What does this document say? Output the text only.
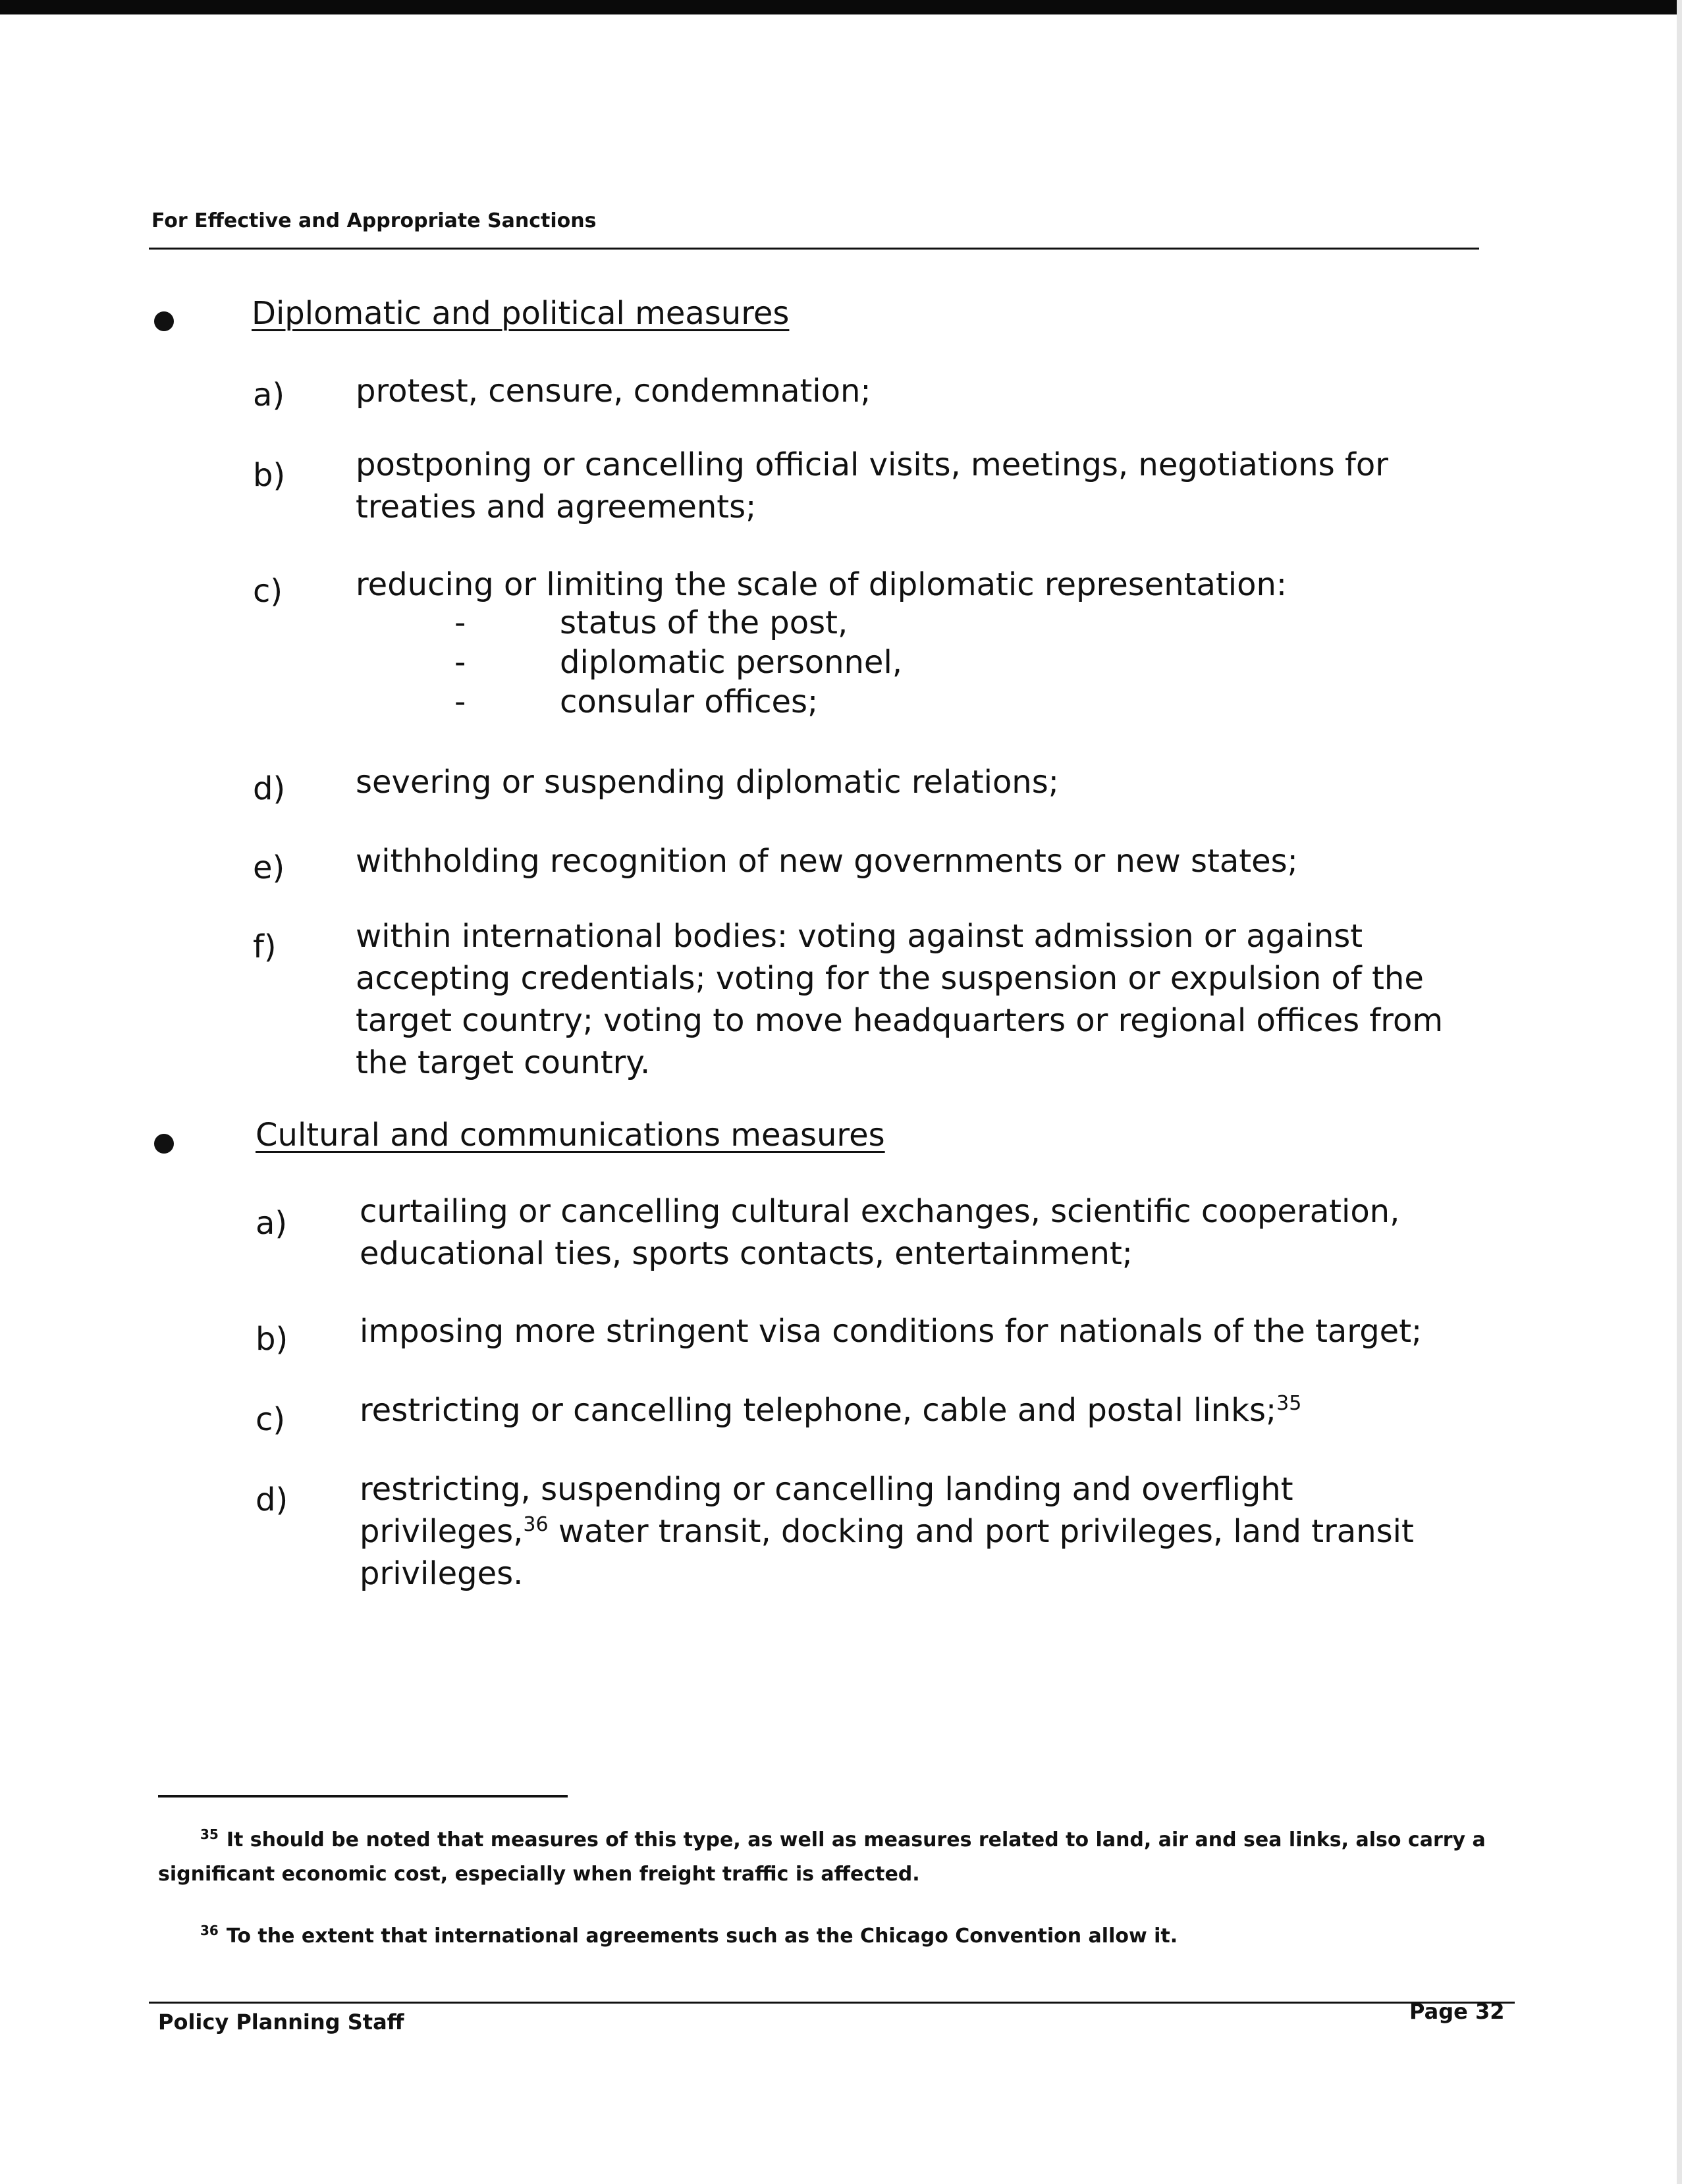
For Effective and Appropriate Sanctions
Diplomatic and political measures
a) protest, censure, condemnation;
b) postponing or cancelling official visits, meetings, negotiations for treaties and agreements;
c) reducing or limiting the scale of diplomatic representation:
-	status of the post,
-	diplomatic personnel,
-	consular offices;
d) severing or suspending diplomatic relations;
e) withholding recognition of new governments or new states;
f)	within international bodies: voting against admission or against accepting credentials; voting for the suspension or expulsion of the target country; voting to move headquarters or regional offices from the target country.
Cultural and communications measures
a) curtailing or cancelling cultural exchanges, scientific cooperation, educational ties, sports contacts, entertainment;
b) imposing more stringent visa conditions for nationals of the target;
c) restricting or cancelling telephone, cable and postal links;$^{35}$
d) restricting, suspending or cancelling landing and overflight privileges,$^{36}$ water transit, docking and port privileges, land transit privileges.
$^{35}$ It should be noted that measures of this type, as well as measures related to land, air and sea links, also carry a significant economic cost, especially when freight traffic is affected.
$^{36}$ To the extent that international agreements such as the Chicago Convention allow it.
Policy Planning Staff	Page 32
